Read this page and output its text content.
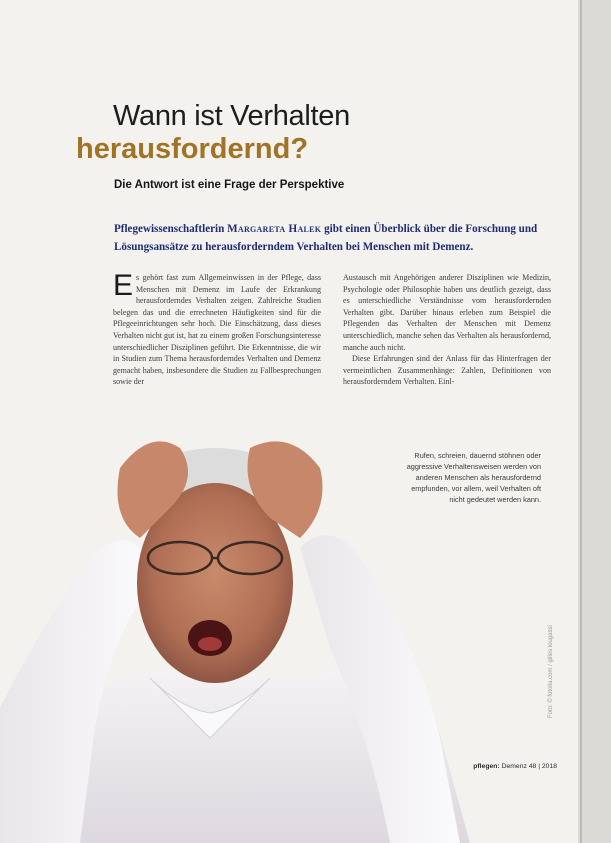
Wann ist Verhalten
herausfordernd?
Die Antwort ist eine Frage der Perspektive
Pflegewissenschaftlerin Margareta Halek gibt einen Überblick über die Forschung und Lösungsansätze zu herausforderndem Verhalten bei Menschen mit Demenz.

Es gehört fast zum Allgemeinwissen in der Pflege, dass Menschen mit Demenz im Laufe der Erkrankung herausforderndes Verhalten zeigen. Zahlreiche Studien belegen das und die errechneten Häufigkeiten sind für die Pflegeeinrichtungen sehr hoch. Die Einschätzung, dass dieses Verhalten nicht gut ist, hat zu einem großen Forschungsinteresse unterschiedlicher Disziplinen geführt. Die Erkenntnisse, die wir in Studien zum Thema herausforderndes Verhalten und Demenz gemacht haben, insbesondere die Studien zu Fallbesprechungen sowie der

Austausch mit Angehörigen anderer Disziplinen wie Medizin, Psychologie oder Philosophie haben uns deutlich gezeigt, dass es unterschiedliche Verständnisse vom herausfordernden Verhalten gibt. Darüber hinaus erleben zum Beispiel die Pflegenden das Verhalten der Menschen mit Demenz unterschiedlich, manche sehen das Verhalten als herausfordernd, manche auch nicht.

Diese Erfahrungen sind der Anlass für das Hinterfragen der vermeintlichen Zusammenhänge: Zahlen, Definitionen von herausforderndem Verhalten. Einl-

Rufen, schreien, dauernd stöhnen oder aggressive Verhaltensweisen werden von anderen Menschen als herausfordernd empfunden, vor allem, weil Verhalten oft nicht gedeutet werden kann.
Foto: © fotolia.com / gilles lougassi
pflegen: Demenz 48 | 2018
